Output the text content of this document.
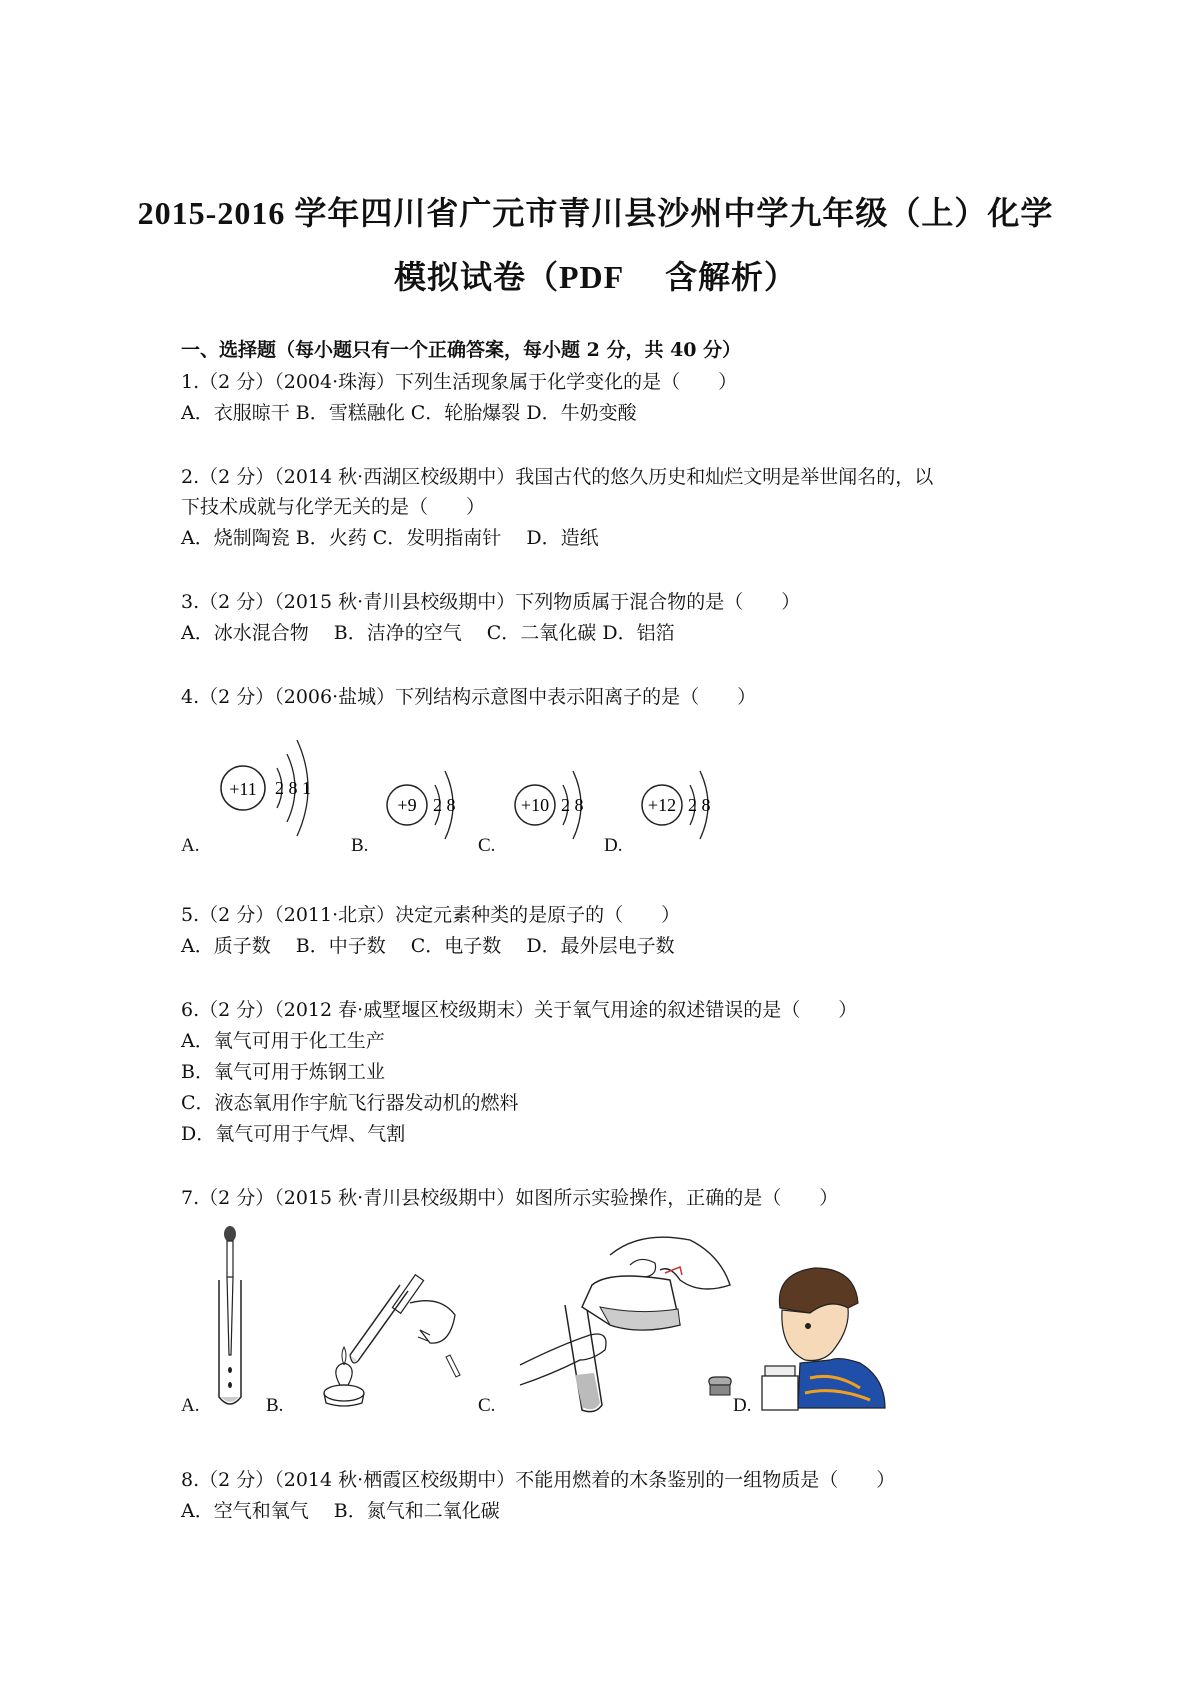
2015-2016 学年四川省广元市青川县沙州中学九年级（上）化学
模拟试卷（PDF　 含解析）
一、选择题（每小题只有一个正确答案，每小题 2 分，共 40 分）
1.（2 分）（2004·珠海）下列生活现象属于化学变化的是（　　）
A．衣服晾干 B．雪糕融化 C．轮胎爆裂 D．牛奶变酸
2.（2 分）（2014 秋·西湖区校级期中）我国古代的悠久历史和灿烂文明是举世闻名的，以
下技术成就与化学无关的是（　　）
A．烧制陶瓷 B．火药 C．发明指南针　 D．造纸
3.（2 分）（2015 秋·青川县校级期中）下列物质属于混合物的是（　　）
A．冰水混合物　 B．洁净的空气　 C．二氧化碳 D．铝箔
4.（2 分）（2006·盐城）下列结构示意图中表示阳离子的是（　　）
+11 2 8 1
+9 2 8	+10 2 8	+12 2 8
A.	B.	C.	D.
5.（2 分）（2011·北京）决定元素种类的是原子的（　　）
A．质子数　 B．中子数　 C．电子数　 D．最外层电子数
6.（2 分）（2012 春·戚墅堰区校级期末）关于氧气用途的叙述错误的是（　　）
A．氧气可用于化工生产
B．氧气可用于炼钢工业
C．液态氧用作宇航飞行器发动机的燃料
D．氧气可用于气焊、气割
7.（2 分）（2015 秋·青川县校级期中）如图所示实验操作，正确的是（　　）
A.	B.	C.	D.
8.（2 分）（2014 秋·栖霞区校级期中）不能用燃着的木条鉴别的一组物质是（　　）
A．空气和氧气　 B．氮气和二氧化碳
